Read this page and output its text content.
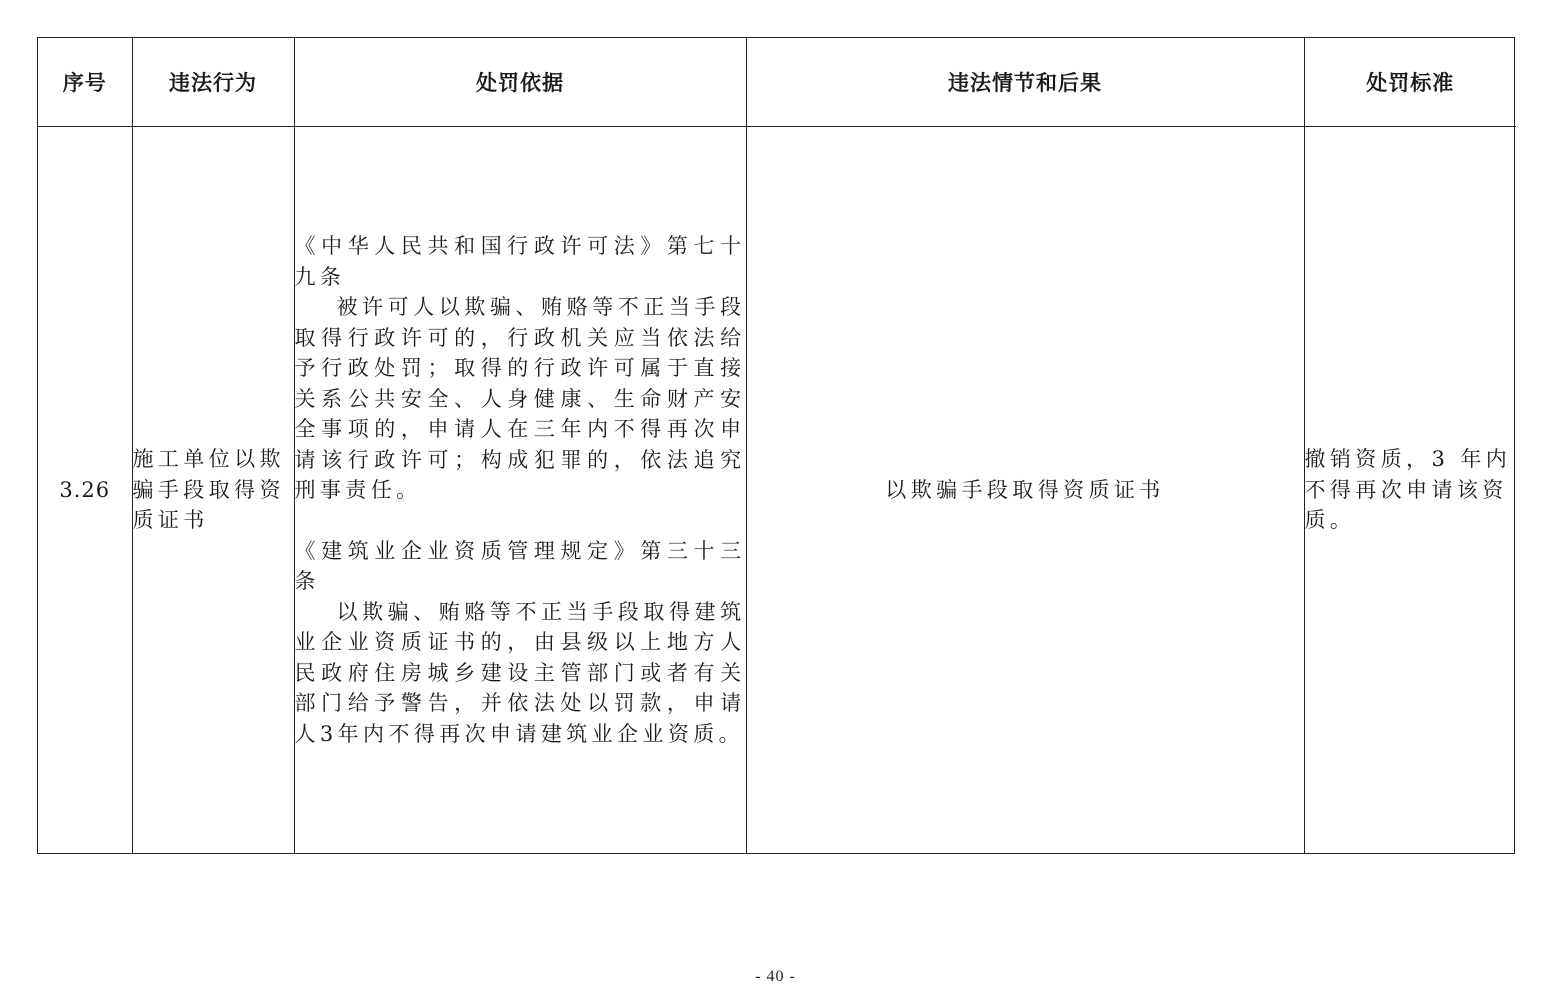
序号	违法行为	处罚依据	违法情节和后果	处罚标准
3.26	施工单位以欺骗手段取得资质证书	《中华人民共和国行政许可法》第七十九条
被许可人以欺骗、贿赂等不正当手段取得行政许可的，行政机关应当依法给予行政处罚；取得的行政许可属于直接关系公共安全、人身健康、生命财产安全事项的，申请人在三年内不得再次申请该行政许可；构成犯罪的，依法追究刑事责任。
《建筑业企业资质管理规定》第三十三条
以欺骗、贿赂等不正当手段取得建筑业企业资质证书的，由县级以上地方人民政府住房城乡建设主管部门或者有关部门给予警告，并依法处以罚款，申请人3年内不得再次申请建筑业企业资质。	以欺骗手段取得资质证书	撤销资质，3 年内不得再次申请该资质。
- 40 -
